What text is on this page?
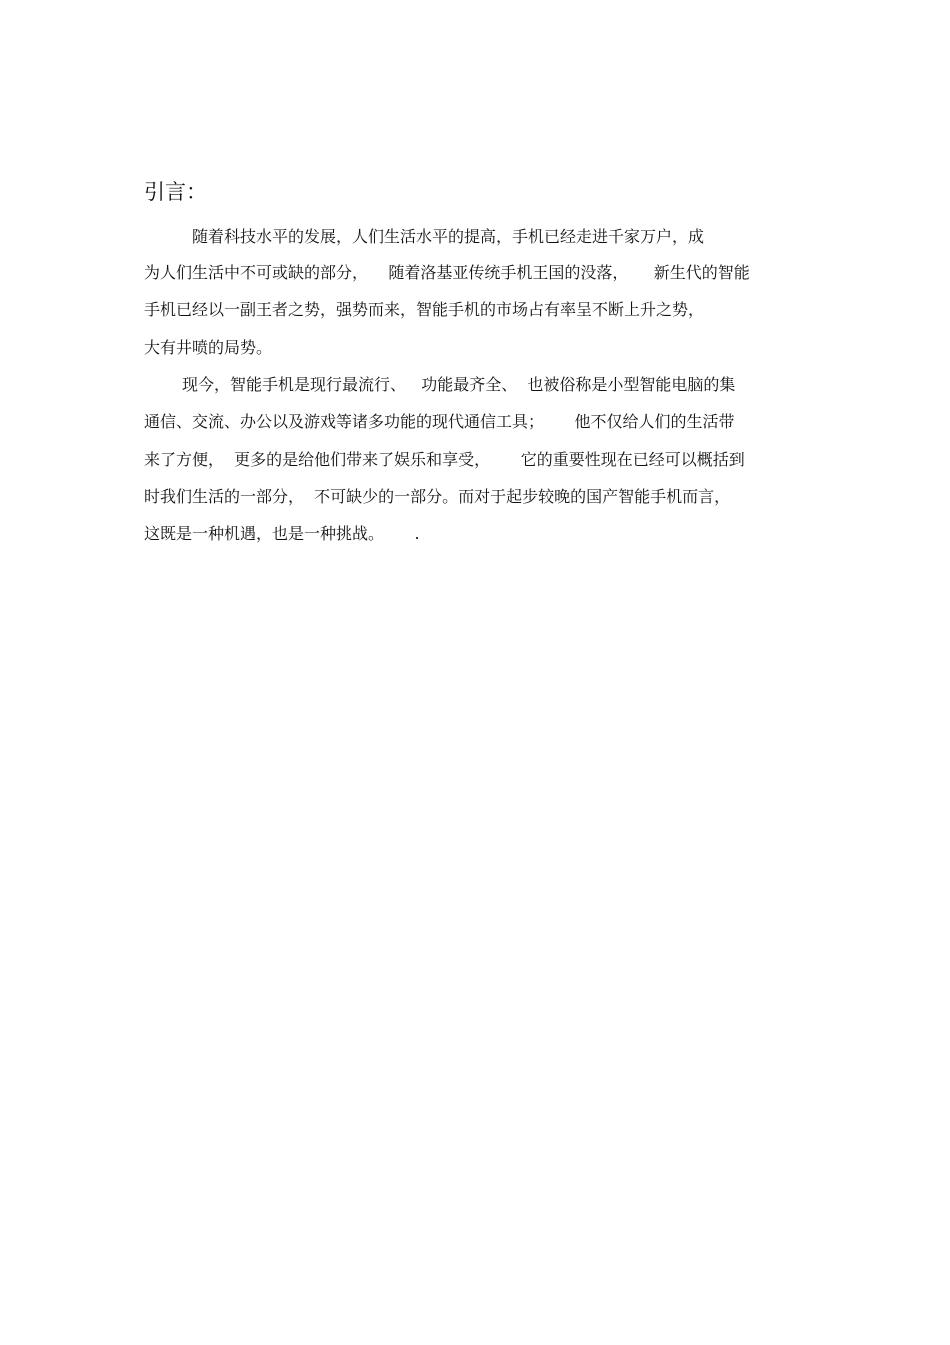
引言：
随着科技水平的发展，人们生活水平的提高，手机已经走进千家万户，成
为人们生活中不可或缺的部分，    随着洛基亚传统手机王国的没落，     新生代的智能
手机已经以一副王者之势，强势而来，智能手机的市场占有率呈不断上升之势，
大有井喷的局势。
现今，智能手机是现行最流行、   功能最齐全、  也被俗称是小型智能电脑的集
通信、交流、办公以及游戏等诸多功能的现代通信工具；      他不仅给人们的生活带
来了方便，  更多的是给他们带来了娱乐和享受，      它的重要性现在已经可以概括到
时我们生活的一部分，  不可缺少的一部分。而对于起步较晚的国产智能手机而言，
这既是一种机遇，也是一种挑战。      .
